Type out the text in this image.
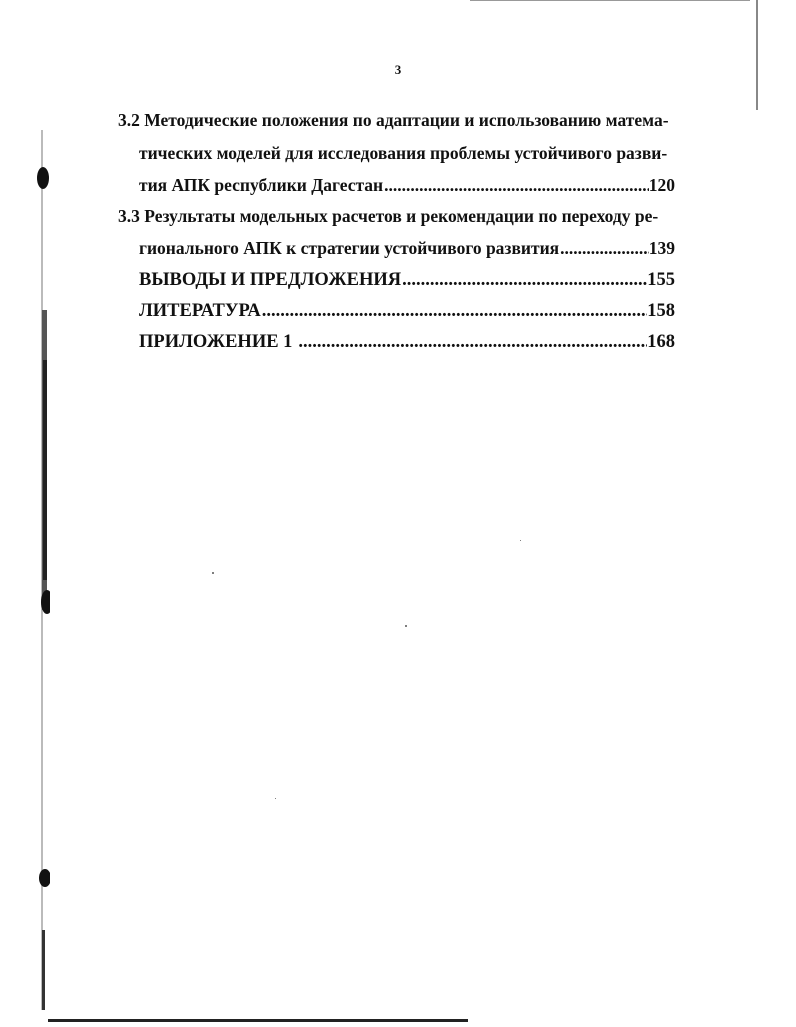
3
3.2 Методические положения по адаптации и использованию матема-
тических моделей для исследования проблемы устойчивого разви-
тия АПК республики Дагестан .....	120
3.3 Результаты модельных расчетов и рекомендации по переходу ре-
гионального АПК к стратегии устойчивого развития .....	139
ВЫВОДЫ И ПРЕДЛОЖЕНИЯ .....	155
ЛИТЕРАТУРА .....	158
ПРИЛОЖЕНИЕ 1 .....	168
